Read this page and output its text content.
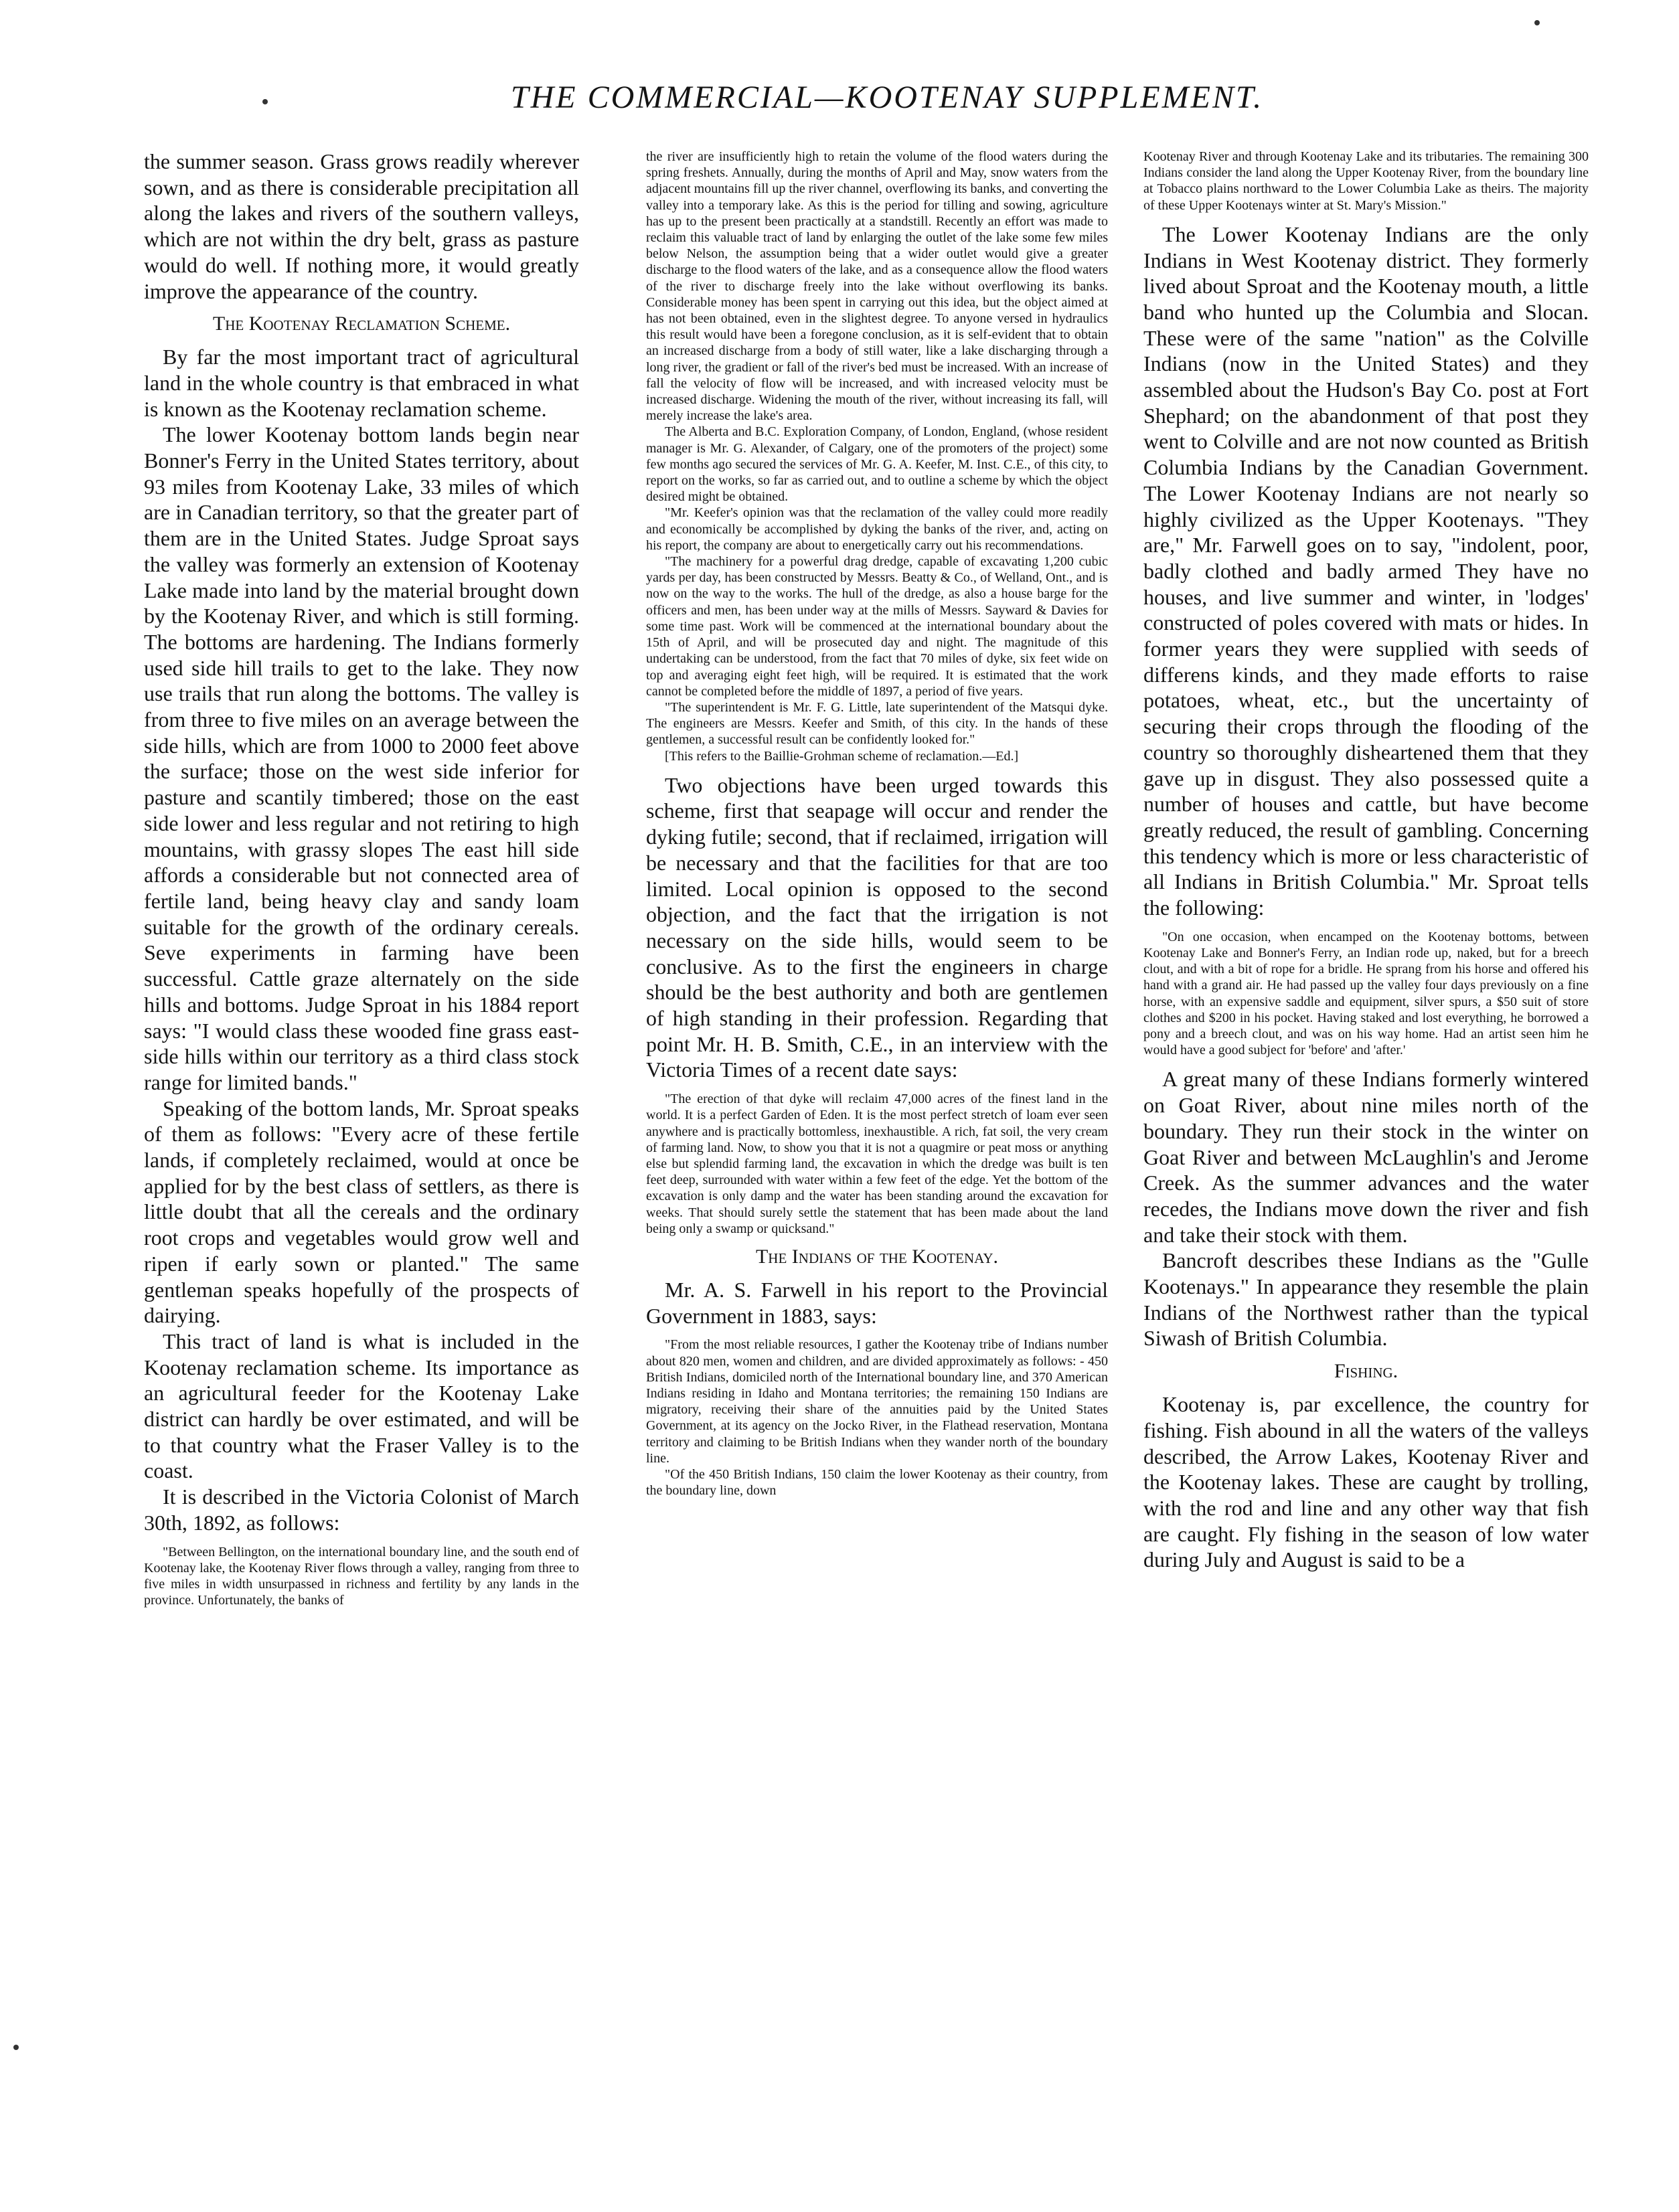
THE COMMERCIAL—KOOTENAY SUPPLEMENT.

the summer season. Grass grows readily wherever sown, and as there is considerable precipitation all along the lakes and rivers of the southern valleys, which are not within the dry belt, grass as pasture would do well. If nothing more, it would greatly improve the appearance of the country.

The Kootenay Reclamation Scheme.

By far the most important tract of agricultural land in the whole country is that embraced in what is known as the Kootenay reclamation scheme.

The lower Kootenay bottom lands begin near Bonner's Ferry in the United States territory, about 93 miles from Kootenay Lake, 33 miles of which are in Canadian territory, so that the greater part of them are in the United States. Judge Sproat says the valley was formerly an extension of Kootenay Lake made into land by the material brought down by the Kootenay River, and which is still forming. The bottoms are hardening. The Indians formerly used side hill trails to get to the lake. They now use trails that run along the bottoms. The valley is from three to five miles on an average between the side hills, which are from 1000 to 2000 feet above the surface; those on the west side inferior for pasture and scantily timbered; those on the east side lower and less regular and not retiring to high mountains, with grassy slopes The east hill side affords a considerable but not connected area of fertile land, being heavy clay and sandy loam suitable for the growth of the ordinary cereals. Seve experiments in farming have been successful. Cattle graze alternately on the side hills and bottoms. Judge Sproat in his 1884 report says: "I would class these wooded fine grass east-side hills within our territory as a third class stock range for limited bands."

Speaking of the bottom lands, Mr. Sproat speaks of them as follows: "Every acre of these fertile lands, if completely reclaimed, would at once be applied for by the best class of settlers, as there is little doubt that all the cereals and the ordinary root crops and vegetables would grow well and ripen if early sown or planted." The same gentleman speaks hopefully of the prospects of dairying.

This tract of land is what is included in the Kootenay reclamation scheme. Its importance as an agricultural feeder for the Kootenay Lake district can hardly be over estimated, and will be to that country what the Fraser Valley is to the coast.

It is described in the Victoria Colonist of March 30th, 1892, as follows:

"Between Bellington, on the international boundary line, and the south end of Kootenay lake, the Kootenay River flows through a valley, ranging from three to five miles in width unsurpassed in richness and fertility by any lands in the province. Unfortunately, the banks of

the river are insufficiently high to retain the volume of the flood waters during the spring freshets. Annually, during the months of April and May, snow waters from the adjacent mountains fill up the river channel, overflowing its banks, and converting the valley into a temporary lake. As this is the period for tilling and sowing, agriculture has up to the present been practically at a standstill. Recently an effort was made to reclaim this valuable tract of land by enlarging the outlet of the lake some few miles below Nelson, the assumption being that a wider outlet would give a greater discharge to the flood waters of the lake, and as a consequence allow the flood waters of the river to discharge freely into the lake without overflowing its banks. Considerable money has been spent in carrying out this idea, but the object aimed at has not been obtained, even in the slightest degree. To anyone versed in hydraulics this result would have been a foregone conclusion, as it is self-evident that to obtain an increased discharge from a body of still water, like a lake discharging through a long river, the gradient or fall of the river's bed must be increased. With an increase of fall the velocity of flow will be increased, and with increased velocity must be increased discharge. Widening the mouth of the river, without increasing its fall, will merely increase the lake's area.

The Alberta and B.C. Exploration Company, of London, England, (whose resident manager is Mr. G. Alexander, of Calgary, one of the promoters of the project) some few months ago secured the services of Mr. G. A. Keefer, M. Inst. C.E., of this city, to report on the works, so far as carried out, and to outline a scheme by which the object desired might be obtained.

"Mr. Keefer's opinion was that the reclamation of the valley could more readily and economically be accomplished by dyking the banks of the river, and, acting on his report, the company are about to energetically carry out his recommendations.

"The machinery for a powerful drag dredge, capable of excavating 1,200 cubic yards per day, has been constructed by Messrs. Beatty & Co., of Welland, Ont., and is now on the way to the works. The hull of the dredge, as also a house barge for the officers and men, has been under way at the mills of Messrs. Sayward & Davies for some time past. Work will be commenced at the international boundary about the 15th of April, and will be prosecuted day and night. The magnitude of this undertaking can be understood, from the fact that 70 miles of dyke, six feet wide on top and averaging eight feet high, will be required. It is estimated that the work cannot be completed before the middle of 1897, a period of five years.

"The superintendent is Mr. F. G. Little, late superintendent of the Matsqui dyke. The engineers are Messrs. Keefer and Smith, of this city. In the hands of these gentlemen, a successful result can be confidently looked for."

[This refers to the Baillie-Grohman scheme of reclamation.—Ed.]

Two objections have been urged towards this scheme, first that seapage will occur and render the dyking futile; second, that if reclaimed, irrigation will be necessary and that the facilities for that are too limited. Local opinion is opposed to the second objection, and the fact that the irrigation is not necessary on the side hills, would seem to be conclusive. As to the first the engineers in charge should be the best authority and both are gentlemen of high standing in their profession. Regarding that point Mr. H. B. Smith, C.E., in an interview with the Victoria Times of a recent date says:

"The erection of that dyke will reclaim 47,000 acres of the finest land in the world. It is a perfect Garden of Eden. It is the most perfect stretch of loam ever seen anywhere and is practically bottomless, inexhaustible. A rich, fat soil, the very cream of farming land. Now, to show you that it is not a quagmire or peat moss or anything else but splendid farming land, the excavation in which the dredge was built is ten feet deep, surrounded with water within a few feet of the edge. Yet the bottom of the excavation is only damp and the water has been standing around the excavation for weeks. That should surely settle the statement that has been made about the land being only a swamp or quicksand."

The Indians of the Kootenay.

Mr. A. S. Farwell in his report to the Provincial Government in 1883, says:

"From the most reliable resources, I gather the Kootenay tribe of Indians number about 820 men, women and children, and are divided approximately as follows: - 450 British Indians, domiciled north of the International boundary line, and 370 American Indians residing in Idaho and Montana territories; the remaining 150 Indians are migratory, receiving their share of the annuities paid by the United States Government, at its agency on the Jocko River, in the Flathead reservation, Montana territory and claiming to be British Indians when they wander north of the boundary line.

"Of the 450 British Indians, 150 claim the lower Kootenay as their country, from the boundary line, down

Kootenay River and through Kootenay Lake and its tributaries. The remaining 300 Indians consider the land along the Upper Kootenay River, from the boundary line at Tobacco plains northward to the Lower Columbia Lake as theirs. The majority of these Upper Kootenays winter at St. Mary's Mission."

The Lower Kootenay Indians are the only Indians in West Kootenay district. They formerly lived about Sproat and the Kootenay mouth, a little band who hunted up the Columbia and Slocan. These were of the same "nation" as the Colville Indians (now in the United States) and they assembled about the Hudson's Bay Co. post at Fort Shephard; on the abandonment of that post they went to Colville and are not now counted as British Columbia Indians by the Canadian Government. The Lower Kootenay Indians are not nearly so highly civilized as the Upper Kootenays. "They are," Mr. Farwell goes on to say, "indolent, poor, badly clothed and badly armed They have no houses, and live summer and winter, in 'lodges' constructed of poles covered with mats or hides. In former years they were supplied with seeds of differens kinds, and they made efforts to raise potatoes, wheat, etc., but the uncertainty of securing their crops through the flooding of the country so thoroughly disheartened them that they gave up in disgust. They also possessed quite a number of houses and cattle, but have become greatly reduced, the result of gambling. Concerning this tendency which is more or less characteristic of all Indians in British Columbia." Mr. Sproat tells the following:

"On one occasion, when encamped on the Kootenay bottoms, between Kootenay Lake and Bonner's Ferry, an Indian rode up, naked, but for a breech clout, and with a bit of rope for a bridle. He sprang from his horse and offered his hand with a grand air. He had passed up the valley four days previously on a fine horse, with an expensive saddle and equipment, silver spurs, a $50 suit of store clothes and $200 in his pocket. Having staked and lost everything, he borrowed a pony and a breech clout, and was on his way home. Had an artist seen him he would have a good subject for 'before' and 'after.'

A great many of these Indians formerly wintered on Goat River, about nine miles north of the boundary. They run their stock in the winter on Goat River and between McLaughlin's and Jerome Creek. As the summer advances and the water recedes, the Indians move down the river and fish and take their stock with them.

Bancroft describes these Indians as the "Gulle Kootenays." In appearance they resemble the plain Indians of the Northwest rather than the typical Siwash of British Columbia.

Fishing.

Kootenay is, par excellence, the country for fishing. Fish abound in all the waters of the valleys described, the Arrow Lakes, Kootenay River and the Kootenay lakes. These are caught by trolling, with the rod and line and any other way that fish are caught. Fly fishing in the season of low water during July and August is said to be a
